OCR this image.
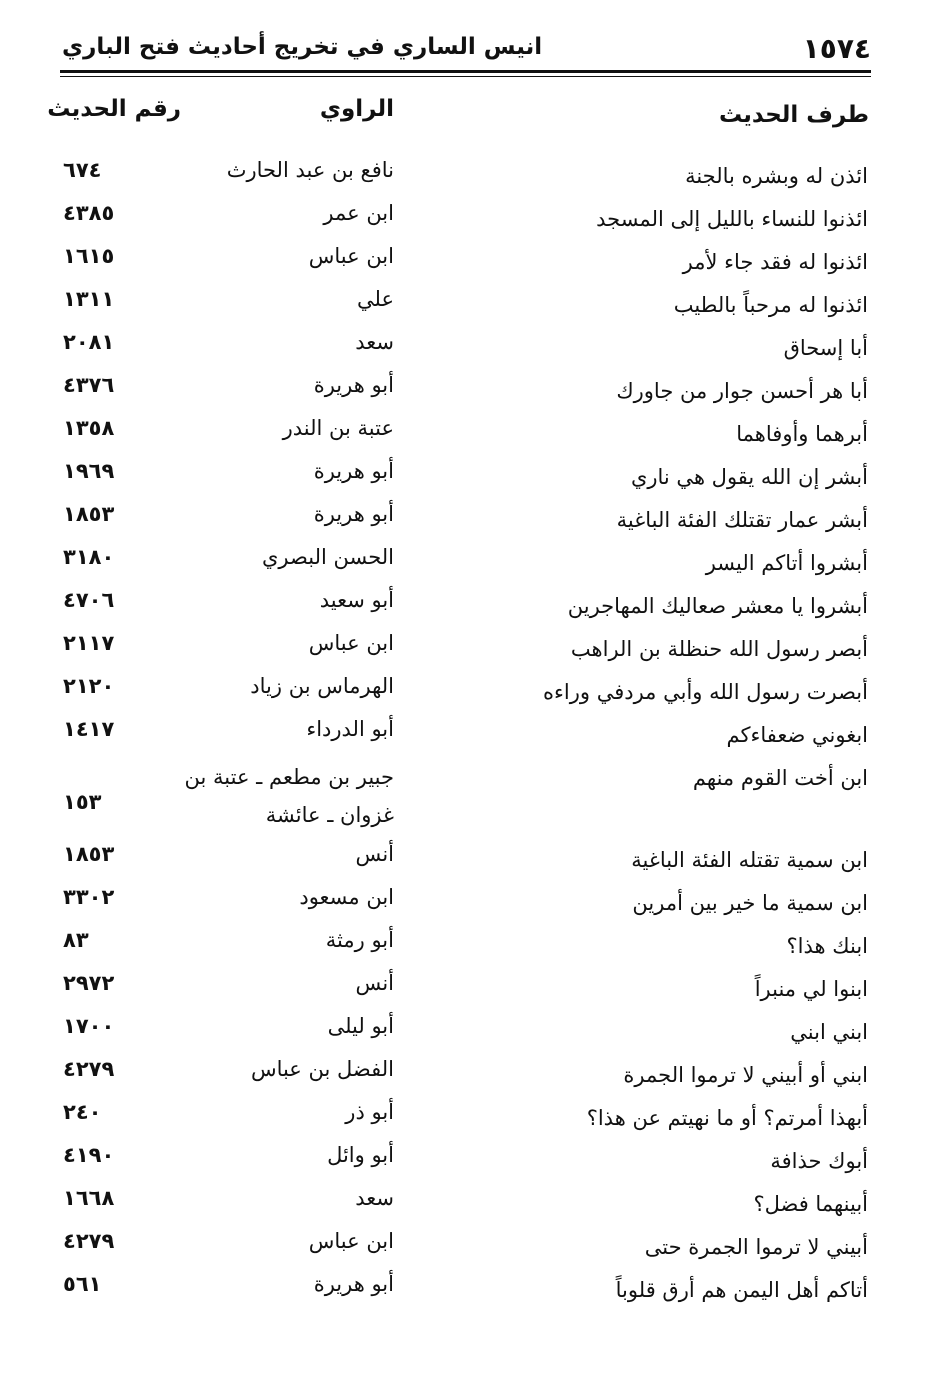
١٥٧٤
انيس الساري في تخريج أحاديث فتح الباري
طرف الحديث
الراوي
رقم الحديث
ائذن له وبشره بالجنة
نافع بن عبد الحارث
٦٧٤
ائذنوا للنساء بالليل إلى المسجد
ابن عمر
٤٣٨٥
ائذنوا له فقد جاء لأمر
ابن عباس
١٦١٥
ائذنوا له مرحباً بالطيب
علي
١٣١١
أبا إسحاق
سعد
٢٠٨١
أبا هر أحسن جوار من جاورك
أبو هريرة
٤٣٧٦
أبرهما وأوفاهما
عتبة بن الندر
١٣٥٨
أبشر إن الله يقول هي ناري
أبو هريرة
١٩٦٩
أبشر عمار تقتلك الفئة الباغية
أبو هريرة
١٨٥٣
أبشروا أتاكم اليسر
الحسن البصري
٣١٨٠
أبشروا يا معشر صعاليك المهاجرين
أبو سعيد
٤٧٠٦
أبصر رسول الله حنظلة بن الراهب
ابن عباس
٢١١٧
أبصرت رسول الله وأبي مردفي وراءه
الهرماس بن زياد
٢١٢٠
ابغوني ضعفاءكم
أبو الدرداء
١٤١٧
ابن أخت القوم منهم
جبير بن مطعم ـ عتبة بن غزوان ـ عائشة
١٥٣
ابن سمية تقتله الفئة الباغية
أنس
١٨٥٣
ابن سمية ما خير بين أمرين
ابن مسعود
٣٣٠٢
ابنك هذا؟
أبو رمثة
٨٣
ابنوا لي منبراً
أنس
٢٩٧٢
ابني ابني
أبو ليلى
١٧٠٠
ابني أو أبيني لا ترموا الجمرة
الفضل بن عباس
٤٢٧٩
أبهذا أمرتم؟ أو ما نهيتم عن هذا؟
أبو ذر
٢٤٠
أبوك حذافة
أبو وائل
٤١٩٠
أبينهما فضل؟
سعد
١٦٦٨
أبيني لا ترموا الجمرة حتى
ابن عباس
٤٢٧٩
أتاكم أهل اليمن هم أرق قلوباً
أبو هريرة
٥٦١
